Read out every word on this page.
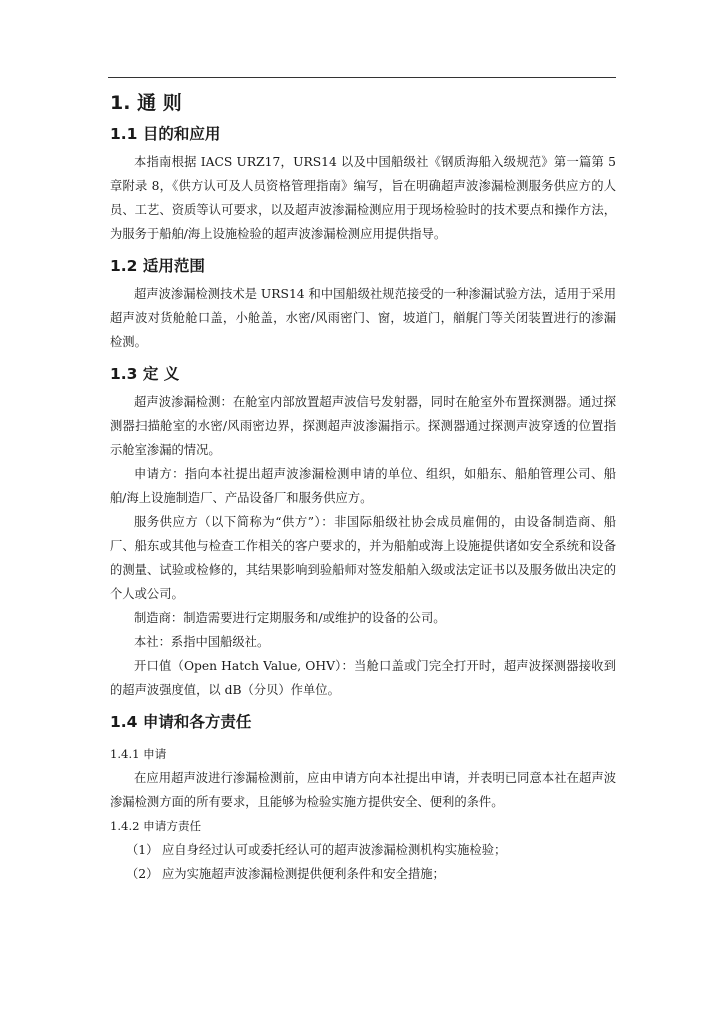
1. 通 则
1.1 目的和应用

本指南根据 IACS URZ17，URS14 以及中国船级社《钢质海船入级规范》第一篇第 5 章附录 8，《供方认可及人员资格管理指南》编写，旨在明确超声波渗漏检测服务供应方的人员、工艺、资质等认可要求，以及超声波渗漏检测应用于现场检验时的技术要点和操作方法，为服务于船舶/海上设施检验的超声波渗漏检测应用提供指导。

1.2 适用范围

超声波渗漏检测技术是 URS14 和中国船级社规范接受的一种渗漏试验方法，适用于采用超声波对货舱舱口盖，小舱盖，水密/风雨密门、窗，坡道门，艏艉门等关闭装置进行的渗漏检测。

1.3 定 义

超声波渗漏检测：在舱室内部放置超声波信号发射器，同时在舱室外布置探测器。通过探测器扫描舱室的水密/风雨密边界，探测超声波渗漏指示。探测器通过探测声波穿透的位置指示舱室渗漏的情况。

申请方：指向本社提出超声波渗漏检测申请的单位、组织，如船东、船舶管理公司、船舶/海上设施制造厂、产品设备厂和服务供应方。

服务供应方（以下简称为“供方”）：非国际船级社协会成员雇佣的，由设备制造商、船厂、船东或其他与检查工作相关的客户要求的，并为船舶或海上设施提供诸如安全系统和设备的测量、试验或检修的，其结果影响到验船师对签发船舶入级或法定证书以及服务做出决定的个人或公司。

制造商：制造需要进行定期服务和/或维护的设备的公司。

本社：系指中国船级社。

开口值（Open Hatch Value, OHV）：当舱口盖或门完全打开时，超声波探测器接收到的超声波强度值，以 dB（分贝）作单位。

1.4 申请和各方责任
1.4.1 申请

在应用超声波进行渗漏检测前，应由申请方向本社提出申请，并表明已同意本社在超声波渗漏检测方面的所有要求，且能够为检验实施方提供安全、便利的条件。

1.4.2 申请方责任
（1） 应自身经过认可或委托经认可的超声波渗漏检测机构实施检验；
（2） 应为实施超声波渗漏检测提供便利条件和安全措施；
